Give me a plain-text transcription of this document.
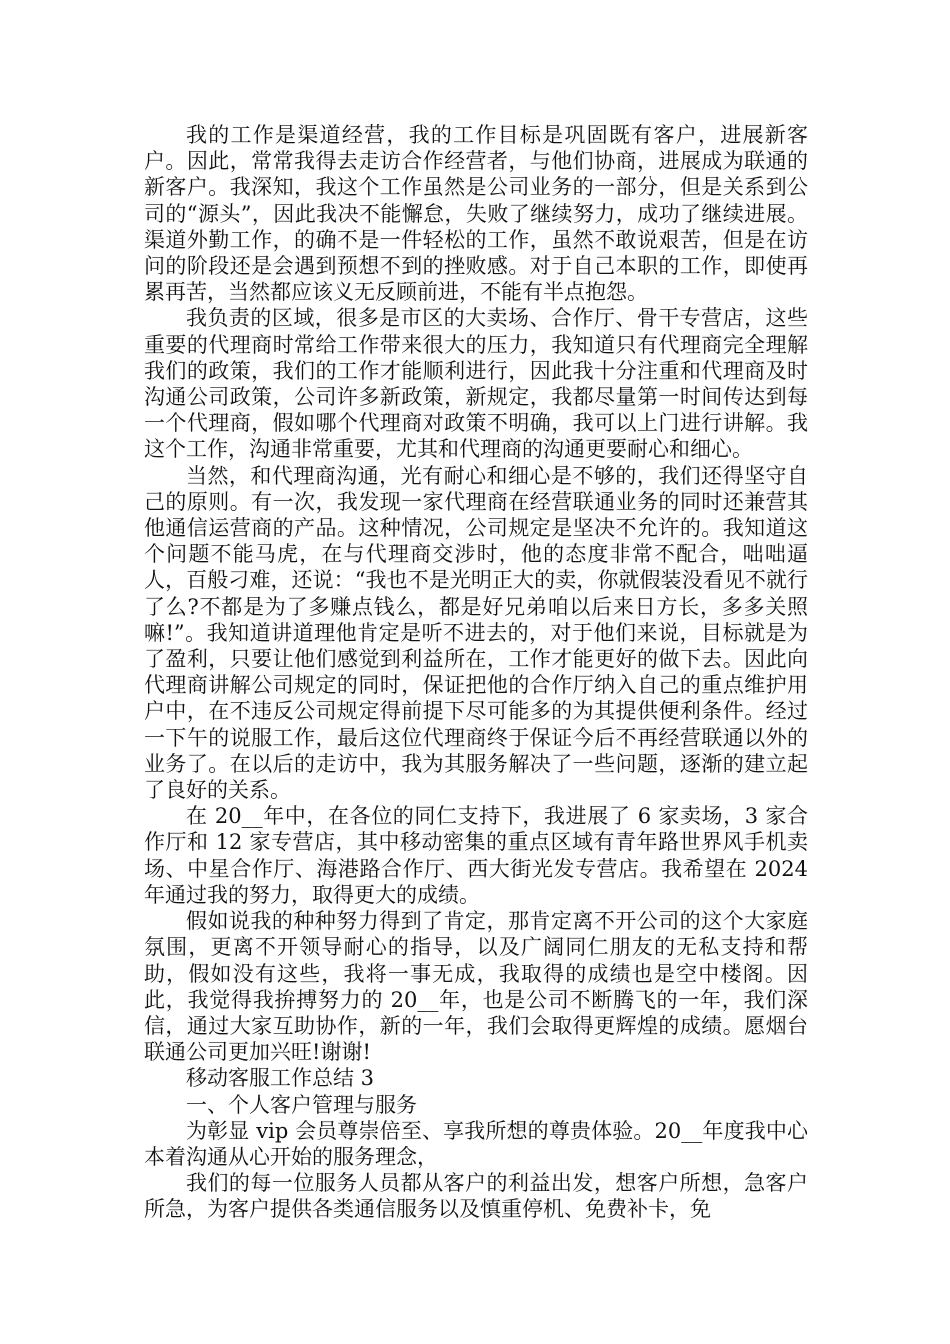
我的工作是渠道经营，我的工作目标是巩固既有客户，进展新客户。因此，常常我得去走访合作经营者，与他们协商，进展成为联通的新客户。我深知，我这个工作虽然是公司业务的一部分，但是关系到公司的“源头”，因此我决不能懈怠，失败了继续努力，成功了继续进展。渠道外勤工作，的确不是一件轻松的工作，虽然不敢说艰苦，但是在访问的阶段还是会遇到预想不到的挫败感。对于自己本职的工作，即使再累再苦，当然都应该义无反顾前进，不能有半点抱怨。

我负责的区域，很多是市区的大卖场、合作厅、骨干专营店，这些重要的代理商时常给工作带来很大的压力，我知道只有代理商完全理解我们的政策，我们的工作才能顺利进行，因此我十分注重和代理商及时沟通公司政策，公司许多新政策，新规定，我都尽量第一时间传达到每一个代理商，假如哪个代理商对政策不明确，我可以上门进行讲解。我这个工作，沟通非常重要，尤其和代理商的沟通更要耐心和细心。

当然，和代理商沟通，光有耐心和细心是不够的，我们还得坚守自己的原则。有一次，我发现一家代理商在经营联通业务的同时还兼营其他通信运营商的产品。这种情况，公司规定是坚决不允许的。我知道这个问题不能马虎，在与代理商交涉时，他的态度非常不配合，咄咄逼人，百般刁难，还说：“我也不是光明正大的卖，你就假装没看见不就行了么?不都是为了多赚点钱么，都是好兄弟咱以后来日方长，多多关照嘛!”。我知道讲道理他肯定是听不进去的，对于他们来说，目标就是为了盈利，只要让他们感觉到利益所在，工作才能更好的做下去。因此向代理商讲解公司规定的同时，保证把他的合作厅纳入自己的重点维护用户中，在不违反公司规定得前提下尽可能多的为其提供便利条件。经过一下午的说服工作，最后这位代理商终于保证今后不再经营联通以外的业务了。在以后的走访中，我为其服务解决了一些问题，逐渐的建立起了良好的关系。

在 20__年中，在各位的同仁支持下，我进展了 6 家卖场，3 家合作厅和 12 家专营店，其中移动密集的重点区域有青年路世界风手机卖场、中星合作厅、海港路合作厅、西大街光发专营店。我希望在 2024 年通过我的努力，取得更大的成绩。

假如说我的种种努力得到了肯定，那肯定离不开公司的这个大家庭氛围，更离不开领导耐心的指导，以及广阔同仁朋友的无私支持和帮助，假如没有这些，我将一事无成，我取得的成绩也是空中楼阁。因此，我觉得我拚搏努力的 20__年，也是公司不断腾飞的一年，我们深信，通过大家互助协作，新的一年，我们会取得更辉煌的成绩。愿烟台联通公司更加兴旺!谢谢!

移动客服工作总结 3

一、个人客户管理与服务

为彰显 vip 会员尊崇倍至、享我所想的尊贵体验。20__年度我中心本着沟通从心开始的服务理念，

我们的每一位服务人员都从客户的利益出发，想客户所想，急客户所急，为客户提供各类通信服务以及慎重停机、免费补卡，免
